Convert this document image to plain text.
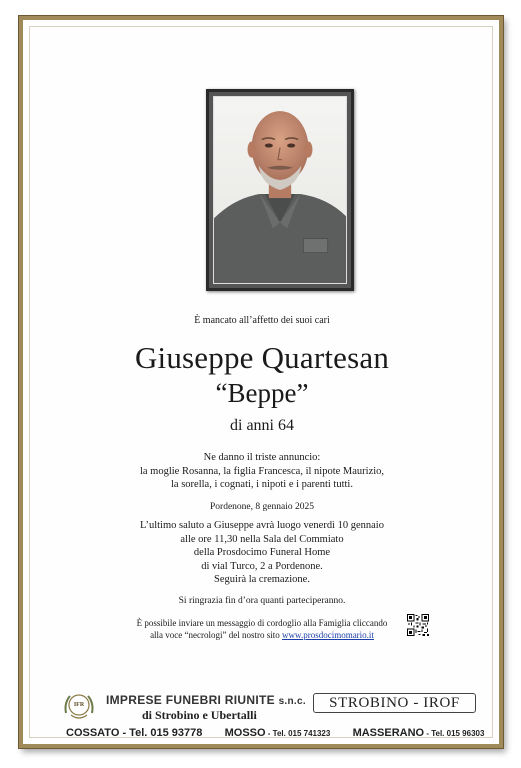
È mancato all’affetto dei suoi cari
Giuseppe Quartesan
“Beppe”
di anni 64
Ne danno il triste annuncio:
la moglie Rosanna, la figlia Francesca, il nipote Maurizio,
la sorella, i cognati, i nipoti e i parenti tutti.
Pordenone, 8 gennaio 2025
L’ultimo saluto a Giuseppe avrà luogo venerdì 10 gennaio
alle ore 11,30 nella Sala del Commiato
della Prosdocimo Funeral Home
di vial Turco, 2 a Pordenone.
Seguirà la cremazione.
Si ringrazia fin d’ora quanti parteciperanno.
È possibile inviare un messaggio di cordoglio alla Famiglia cliccando
alla voce “necrologi” del nostro sito www.prosdocimomario.it
IFR IMPRESE FUNEBRI RIUNITE s.n.c.
di Strobino e Ubertalli
STROBINO - IROF
COSSATO - Tel. 015 93778 MOSSO - Tel. 015 741323 MASSERANO - Tel. 015 96303
